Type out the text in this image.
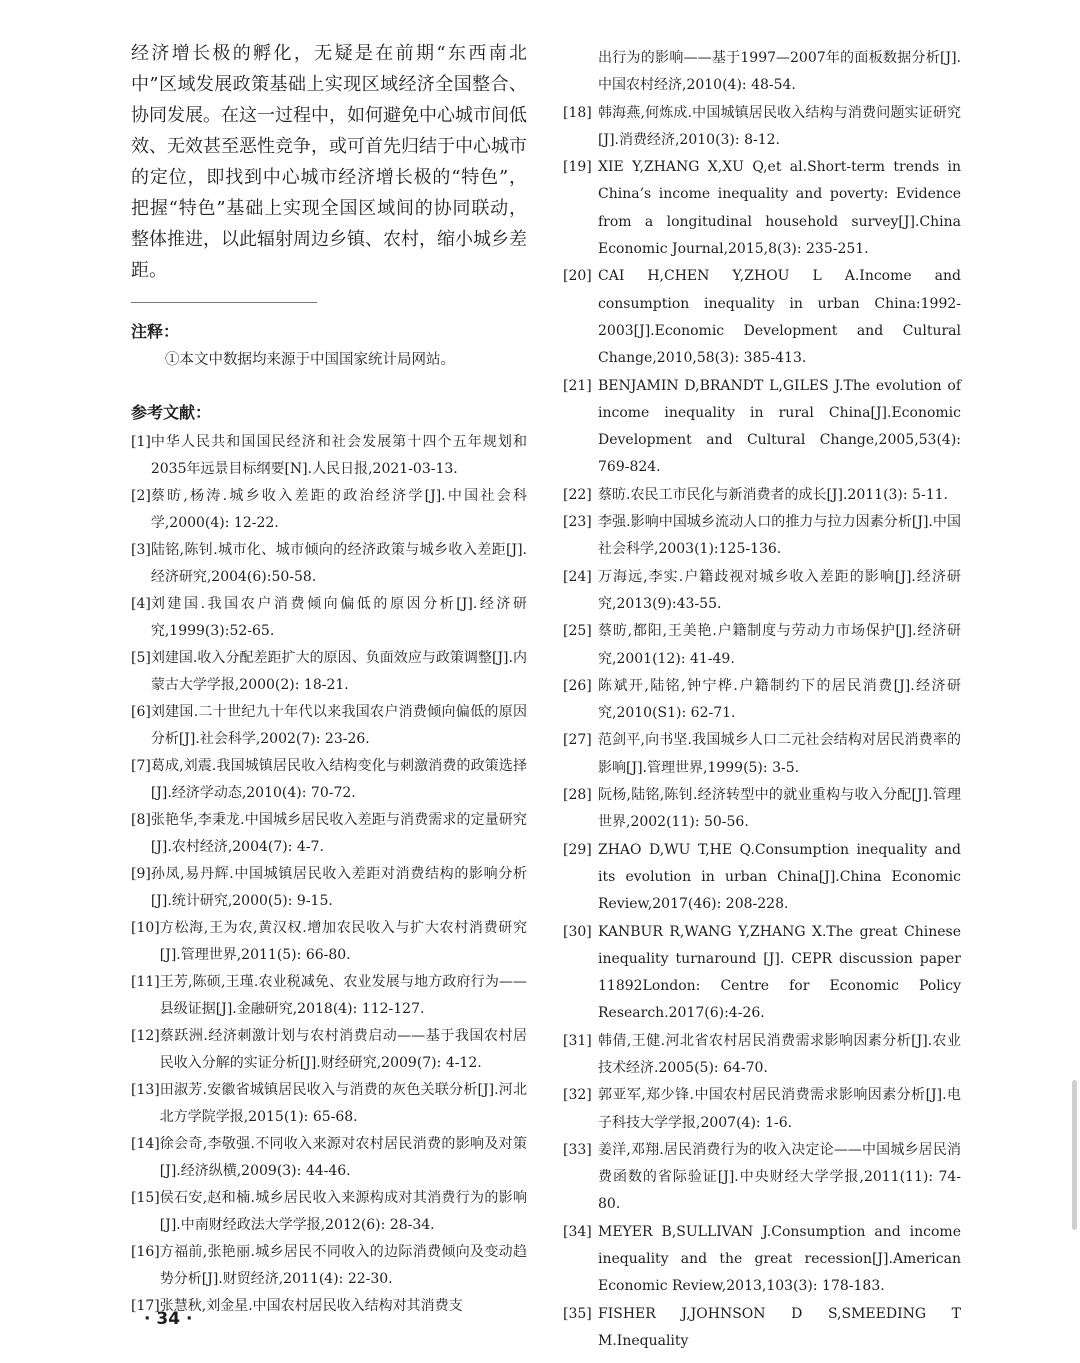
经济增长极的孵化，无疑是在前期“东西南北中”区域发展政策基础上实现区域经济全国整合、协同发展。在这一过程中，如何避免中心城市间低效、无效甚至恶性竞争，或可首先归结于中心城市的定位，即找到中心城市经济增长极的“特色”，把握“特色”基础上实现全国区域间的协同联动，整体推进，以此辐射周边乡镇、农村，缩小城乡差距。

注释：

①本文中数据均来源于中国国家统计局网站。

参考文献：
[1] 中华人民共和国国民经济和社会发展第十四个五年规划和2035年远景目标纲要[N].人民日报,2021-03-13.
[2] 蔡昉,杨涛.城乡收入差距的政治经济学[J].中国社会科学,2000(4): 12-22.
[3] 陆铭,陈钊.城市化、城市倾向的经济政策与城乡收入差距[J].经济研究,2004(6):50-58.
[4] 刘建国.我国农户消费倾向偏低的原因分析[J].经济研究,1999(3):52-65.
[5] 刘建国.收入分配差距扩大的原因、负面效应与政策调整[J].内蒙古大学学报,2000(2): 18-21.
[6] 刘建国.二十世纪九十年代以来我国农户消费倾向偏低的原因分析[J].社会科学,2002(7): 23-26.
[7] 葛成,刘震.我国城镇居民收入结构变化与刺激消费的政策选择[J].经济学动态,2010(4): 70-72.
[8] 张艳华,李秉龙.中国城乡居民收入差距与消费需求的定量研究[J].农村经济,2004(7): 4-7.
[9] 孙凤,易丹辉.中国城镇居民收入差距对消费结构的影响分析[J].统计研究,2000(5): 9-15.
[10] 方松海,王为农,黄汉权.增加农民收入与扩大农村消费研究[J].管理世界,2011(5): 66-80.
[11] 王芳,陈硕,王瑾.农业税减免、农业发展与地方政府行为——县级证据[J].金融研究,2018(4): 112-127.
[12] 蔡跃洲.经济刺激计划与农村消费启动——基于我国农村居民收入分解的实证分析[J].财经研究,2009(7): 4-12.
[13] 田淑芳.安徽省城镇居民收入与消费的灰色关联分析[J].河北北方学院学报,2015(1): 65-68.
[14] 徐会奇,李敬强.不同收入来源对农村居民消费的影响及对策[J].经济纵横,2009(3): 44-46.
[15] 侯石安,赵和楠.城乡居民收入来源构成对其消费行为的影响[J].中南财经政法大学学报,2012(6): 28-34.
[16] 方福前,张艳丽.城乡居民不同收入的边际消费倾向及变动趋势分析[J].财贸经济,2011(4): 22-30.
[17] 张慧秋,刘金星.中国农村居民收入结构对其消费支
出行为的影响——基于1997—2007年的面板数据分析[J].中国农村经济,2010(4): 48-54.
[18] 韩海燕,何炼成.中国城镇居民收入结构与消费问题实证研究[J].消费经济,2010(3): 8-12.
[19] XIE Y,ZHANG X,XU Q,et al.Short-term trends in China’s income inequality and poverty: Evidence from a longitudinal household survey[J].China Economic Journal,2015,8(3): 235-251.
[20] CAI H,CHEN Y,ZHOU L A.Income and consumption inequality in urban China:1992-2003[J].Economic Development and Cultural Change,2010,58(3): 385-413.
[21] BENJAMIN D,BRANDT L,GILES J.The evolution of income inequality in rural China[J].Economic Development and Cultural Change,2005,53(4): 769-824.
[22] 蔡昉.农民工市民化与新消费者的成长[J].2011(3): 5-11.
[23] 李强.影响中国城乡流动人口的推力与拉力因素分析[J].中国社会科学,2003(1):125-136.
[24] 万海远,李实.户籍歧视对城乡收入差距的影响[J].经济研究,2013(9):43-55.
[25] 蔡昉,都阳,王美艳.户籍制度与劳动力市场保护[J].经济研究,2001(12): 41-49.
[26] 陈斌开,陆铭,钟宁桦.户籍制约下的居民消费[J].经济研究,2010(S1): 62-71.
[27] 范剑平,向书坚.我国城乡人口二元社会结构对居民消费率的影响[J].管理世界,1999(5): 3-5.
[28] 阮杨,陆铭,陈钊.经济转型中的就业重构与收入分配[J].管理世界,2002(11): 50-56.
[29] ZHAO D,WU T,HE Q.Consumption inequality and its evolution in urban China[J].China Economic Review,2017(46): 208-228.
[30] KANBUR R,WANG Y,ZHANG X.The great Chinese inequality turnaround [J]. CEPR discussion paper 11892London: Centre for Economic Policy Research.2017(6):4-26.
[31] 韩倩,王健.河北省农村居民消费需求影响因素分析[J].农业技术经济.2005(5): 64-70.
[32] 郭亚军,郑少锋.中国农村居民消费需求影响因素分析[J].电子科技大学学报,2007(4): 1-6.
[33] 姜洋,邓翔.居民消费行为的收入决定论——中国城乡居民消费函数的省际验证[J].中央财经大学学报,2011(11): 74-80.
[34] MEYER B,SULLIVAN J.Consumption and income inequality and the great recession[J].American Economic Review,2013,103(3): 178-183.
[35] FISHER J,JOHNSON D S,SMEEDING T M.Inequality
· 34 ·
